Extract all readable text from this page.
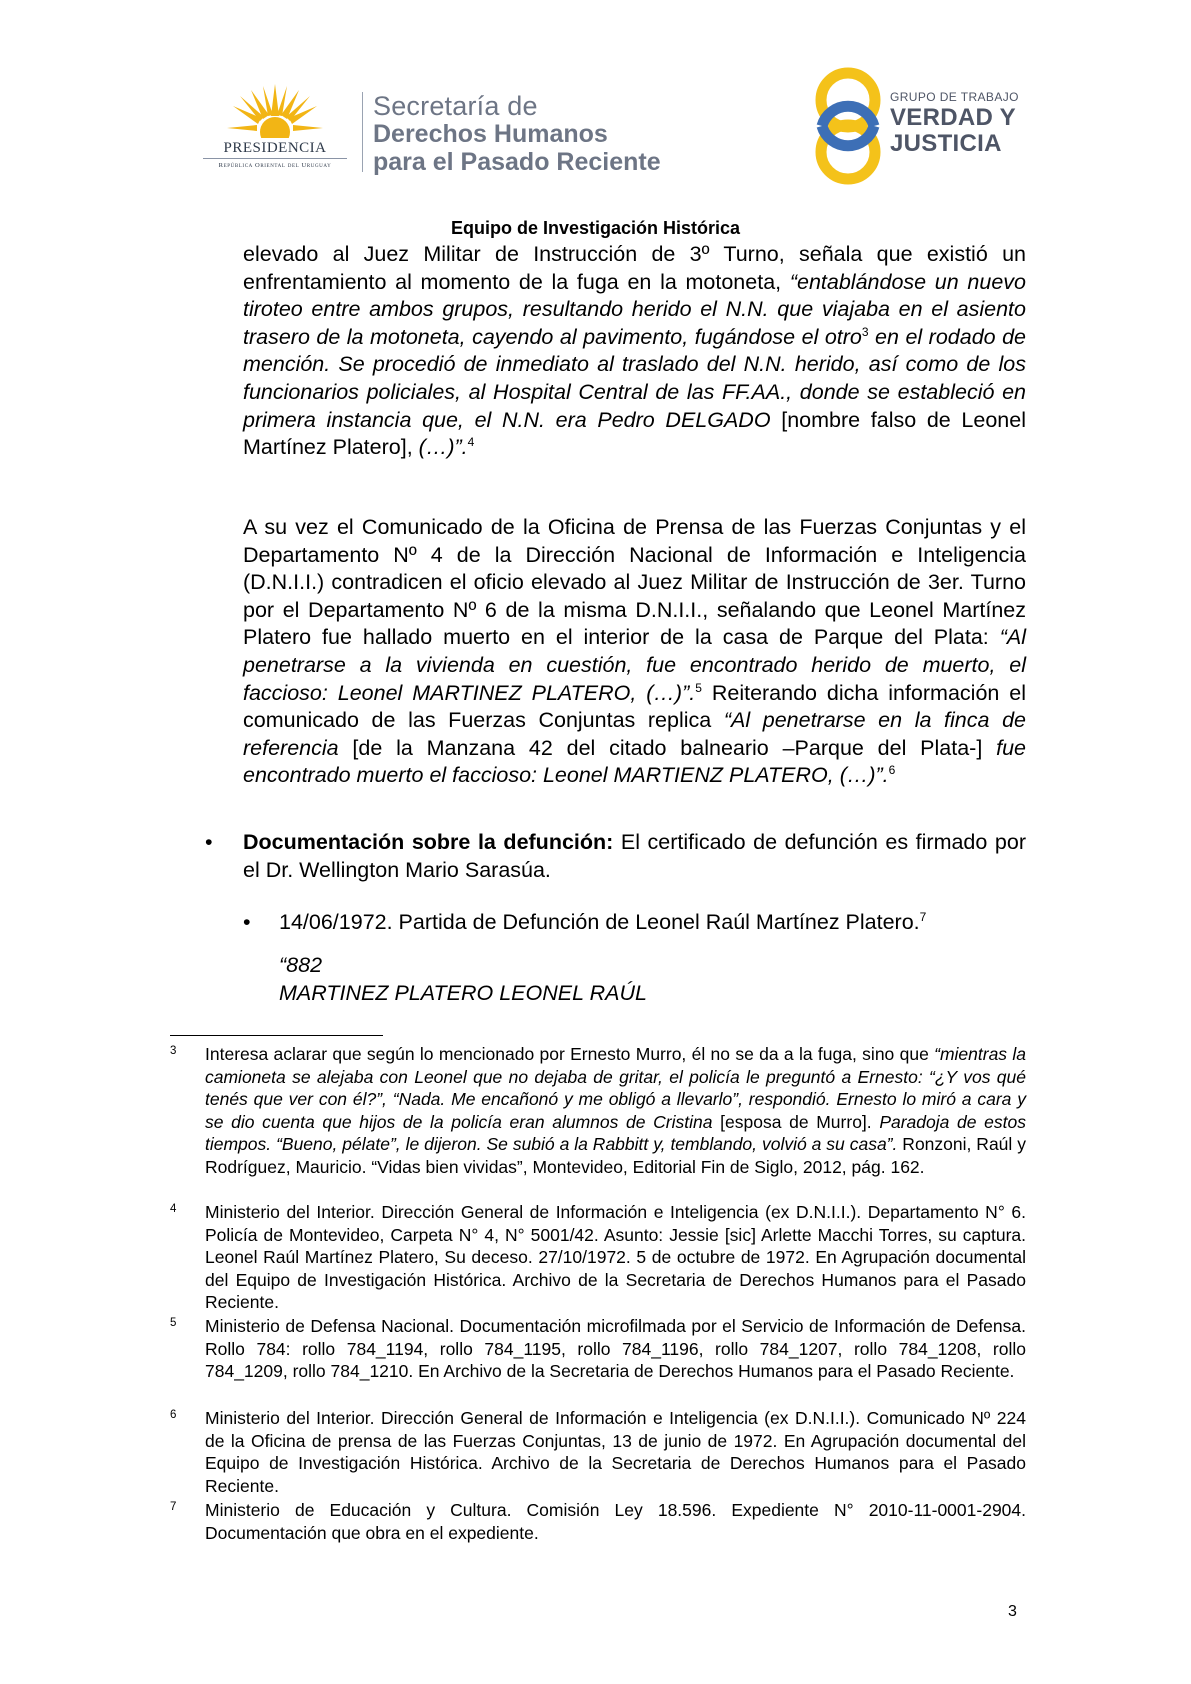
PRESIDENCIA
República Oriental del Uruguay
Secretaría de
Derechos Humanos
para el Pasado Reciente
GRUPO DE TRABAJO
VERDAD Y
JUSTICIA
Equipo de Investigación Histórica
elevado al Juez Militar de Instrucción de 3º Turno, señala que existió un enfrentamiento al momento de la fuga en la motoneta, “entablándose un nuevo tiroteo entre ambos grupos, resultando herido el N.N. que viajaba en el asiento trasero de la motoneta, cayendo al pavimento, fugándose el otro$^3$ en el rodado de mención. Se procedió de inmediato al traslado del N.N. herido, así como de los funcionarios policiales, al Hospital Central de las FF.AA., donde se estableció en primera instancia que, el N.N. era Pedro DELGADO [nombre falso de Leonel Martínez Platero], (…)”.$^4$
A su vez el Comunicado de la Oficina de Prensa de las Fuerzas Conjuntas y el Departamento Nº 4 de la Dirección Nacional de Información e Inteligencia (D.N.I.I.) contradicen el oficio elevado al Juez Militar de Instrucción de 3er. Turno por el Departamento Nº 6 de la misma D.N.I.I., señalando que Leonel Martínez Platero fue hallado muerto en el interior de la casa de Parque del Plata: “Al penetrarse a la vivienda en cuestión, fue encontrado herido de muerto, el faccioso: Leonel MARTINEZ PLATERO, (…)”.$^5$ Reiterando dicha información el comunicado de las Fuerzas Conjuntas replica “Al penetrarse en la finca de referencia [de la Manzana 42 del citado balneario –Parque del Plata-] fue encontrado muerto el faccioso: Leonel MARTIENZ PLATERO, (…)”.$^6$
• Documentación sobre la defunción: El certificado de defunción es firmado por el Dr. Wellington Mario Sarasúa.
• 14/06/1972. Partida de Defunción de Leonel Raúl Martínez Platero.$^7$
“882
MARTINEZ PLATERO LEONEL RAÚL
3 Interesa aclarar que según lo mencionado por Ernesto Murro, él no se da a la fuga, sino que “mientras la camioneta se alejaba con Leonel que no dejaba de gritar, el policía le preguntó a Ernesto: “¿Y vos qué tenés que ver con él?”, “Nada. Me encañonó y me obligó a llevarlo”, respondió. Ernesto lo miró a cara y se dio cuenta que hijos de la policía eran alumnos de Cristina [esposa de Murro]. Paradoja de estos tiempos. “Bueno, pélate”, le dijeron. Se subió a la Rabbitt y, temblando, volvió a su casa”. Ronzoni, Raúl y Rodríguez, Mauricio. “Vidas bien vividas”, Montevideo, Editorial Fin de Siglo, 2012, pág. 162.
4 Ministerio del Interior. Dirección General de Información e Inteligencia (ex D.N.I.I.). Departamento N° 6. Policía de Montevideo, Carpeta N° 4, N° 5001/42. Asunto: Jessie [sic] Arlette Macchi Torres, su captura. Leonel Raúl Martínez Platero, Su deceso. 27/10/1972. 5 de octubre de 1972. En Agrupación documental del Equipo de Investigación Histórica. Archivo de la Secretaria de Derechos Humanos para el Pasado Reciente.
5 Ministerio de Defensa Nacional. Documentación microfilmada por el Servicio de Información de Defensa. Rollo 784: rollo 784_1194, rollo 784_1195, rollo 784_1196, rollo 784_1207, rollo 784_1208, rollo 784_1209, rollo 784_1210. En Archivo de la Secretaria de Derechos Humanos para el Pasado Reciente.
6 Ministerio del Interior. Dirección General de Información e Inteligencia (ex D.N.I.I.). Comunicado Nº 224 de la Oficina de prensa de las Fuerzas Conjuntas, 13 de junio de 1972. En Agrupación documental del Equipo de Investigación Histórica. Archivo de la Secretaria de Derechos Humanos para el Pasado Reciente.
7 Ministerio de Educación y Cultura. Comisión Ley 18.596. Expediente N° 2010-11-0001-2904. Documentación que obra en el expediente.
3
